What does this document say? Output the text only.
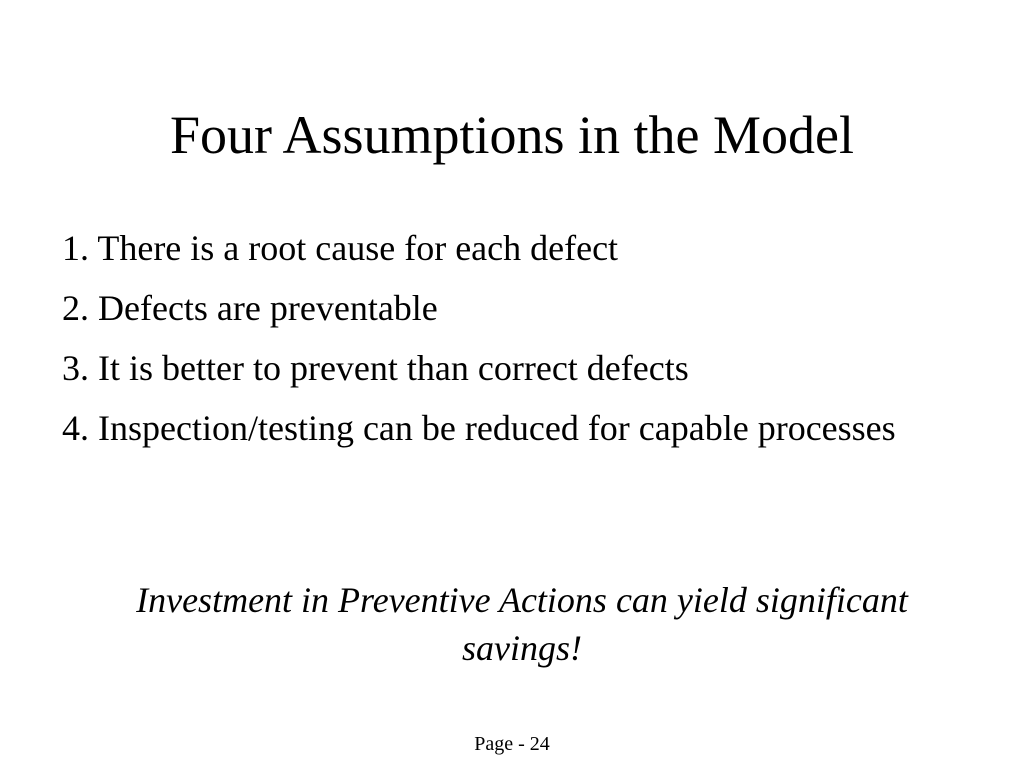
Four Assumptions in the Model
1. There is a root cause for each defect
2. Defects are preventable
3. It is better to prevent than correct defects
4. Inspection/testing can be reduced for capable processes

Investment in Preventive Actions can yield significant savings!

Page - 24
